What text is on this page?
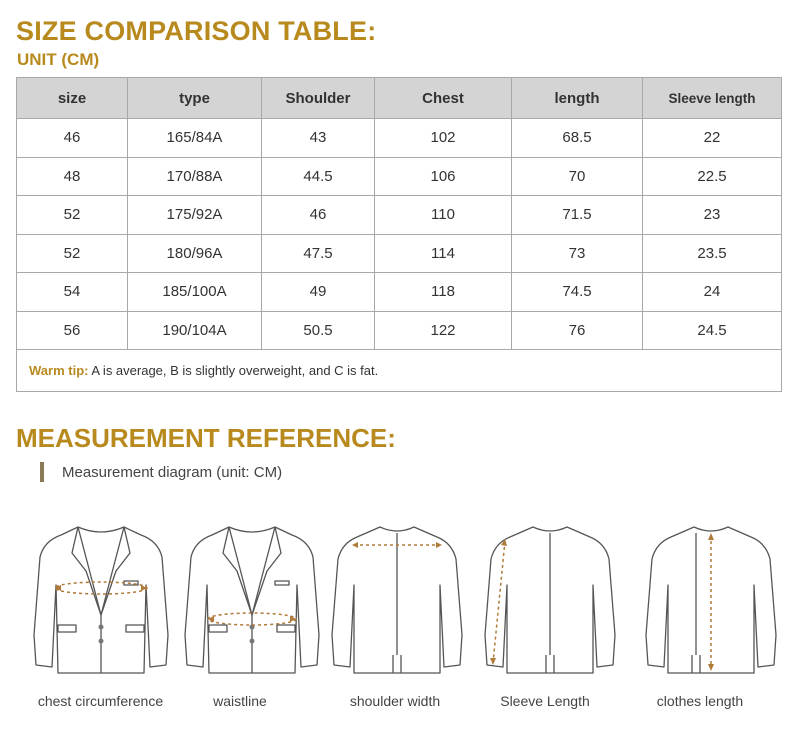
SIZE COMPARISON TABLE:
UNIT (CM)
size	type	Shoulder	Chest	length	Sleeve length
46	165/84A	43	102	68.5	22
48	170/88A	44.5	106	70	22.5
52	175/92A	46	110	71.5	23
52	180/96A	47.5	114	73	23.5
54	185/100A	49	118	74.5	24
56	190/104A	50.5	122	76	24.5
Warm tip: A is average, B is slightly overweight, and C is fat.					
MEASUREMENT REFERENCE:
Measurement diagram (unit: CM)
chest circumference	waistline	shoulder width	Sleeve Length	clothes length
